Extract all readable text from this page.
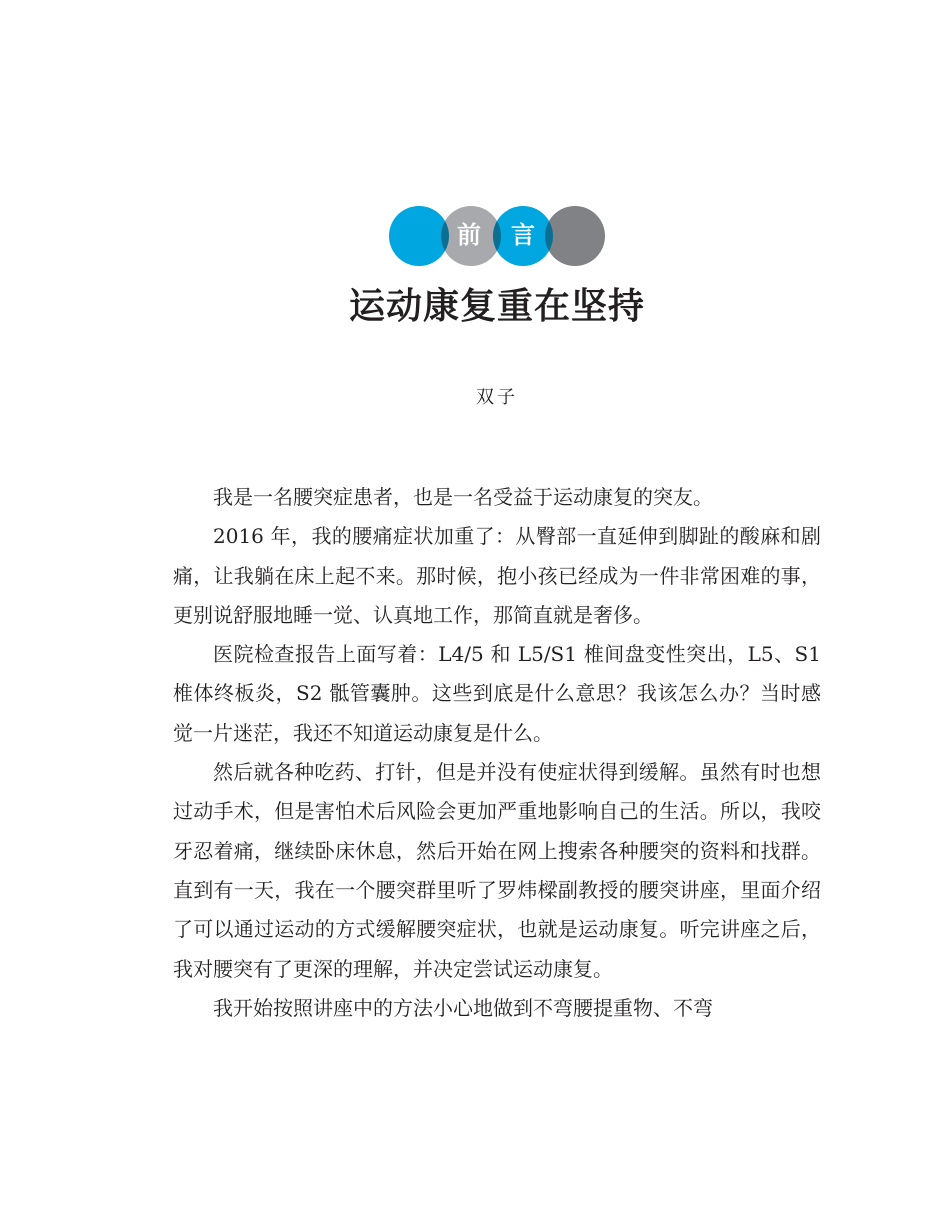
前	言
运动康复重在坚持
双子

我是一名腰突症患者，也是一名受益于运动康复的突友。

2016 年，我的腰痛症状加重了：从臀部一直延伸到脚趾的酸麻和剧痛，让我躺在床上起不来。那时候，抱小孩已经成为一件非常困难的事，更别说舒服地睡一觉、认真地工作，那简直就是奢侈。

医院检查报告上面写着：L4/5 和 L5/S1 椎间盘变性突出，L5、S1 椎体终板炎，S2 骶管囊肿。这些到底是什么意思？我该怎么办？当时感觉一片迷茫，我还不知道运动康复是什么。

然后就各种吃药、打针，但是并没有使症状得到缓解。虽然有时也想过动手术，但是害怕术后风险会更加严重地影响自己的生活。所以，我咬牙忍着痛，继续卧床休息，然后开始在网上搜索各种腰突的资料和找群。直到有一天，我在一个腰突群里听了罗炜樑副教授的腰突讲座，里面介绍了可以通过运动的方式缓解腰突症状，也就是运动康复。听完讲座之后，我对腰突有了更深的理解，并决定尝试运动康复。

我开始按照讲座中的方法小心地做到不弯腰提重物、不弯
